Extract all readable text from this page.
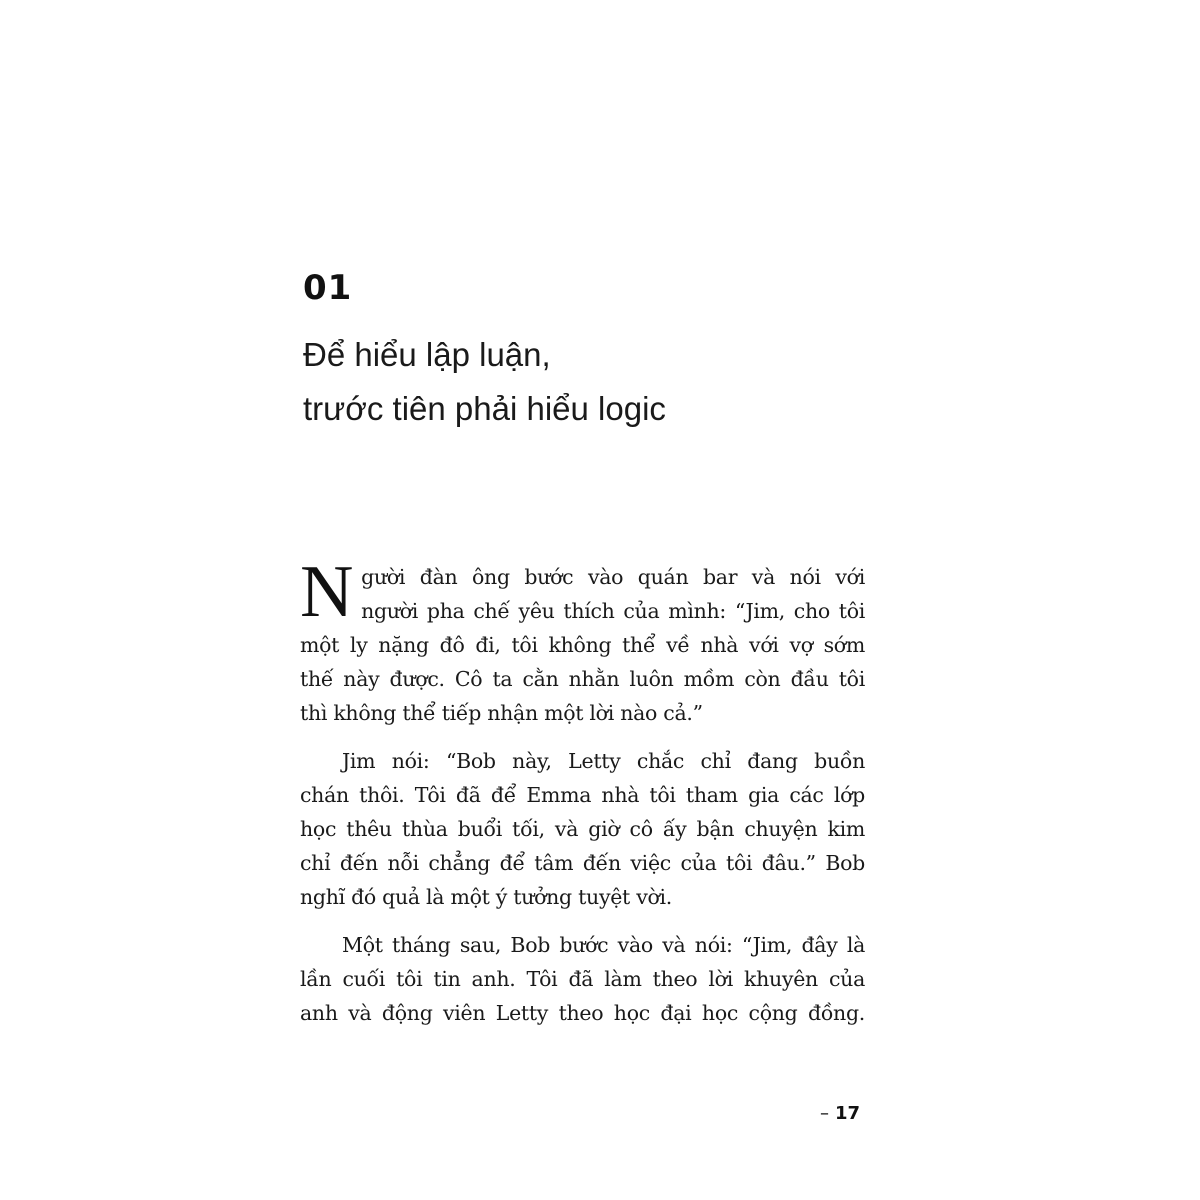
01
Để hiểu lập luận,
trước tiên phải hiểu logic

N gười đàn ông bước vào quán bar và nói với
người pha chế yêu thích của mình: “Jim, cho tôi
một ly nặng đô đi, tôi không thể về nhà với vợ sớm
thế này được. Cô ta cằn nhằn luôn mồm còn đầu tôi
thì không thể tiếp nhận một lời nào cả.”

Jim nói: “Bob này, Letty chắc chỉ đang buồn
chán thôi. Tôi đã để Emma nhà tôi tham gia các lớp
học thêu thùa buổi tối, và giờ cô ấy bận chuyện kim
chỉ đến nỗi chẳng để tâm đến việc của tôi đâu.” Bob
nghĩ đó quả là một ý tưởng tuyệt vời.

Một tháng sau, Bob bước vào và nói: “Jim, đây là
lần cuối tôi tin anh. Tôi đã làm theo lời khuyên của
anh và động viên Letty theo học đại học cộng đồng.

– 17
